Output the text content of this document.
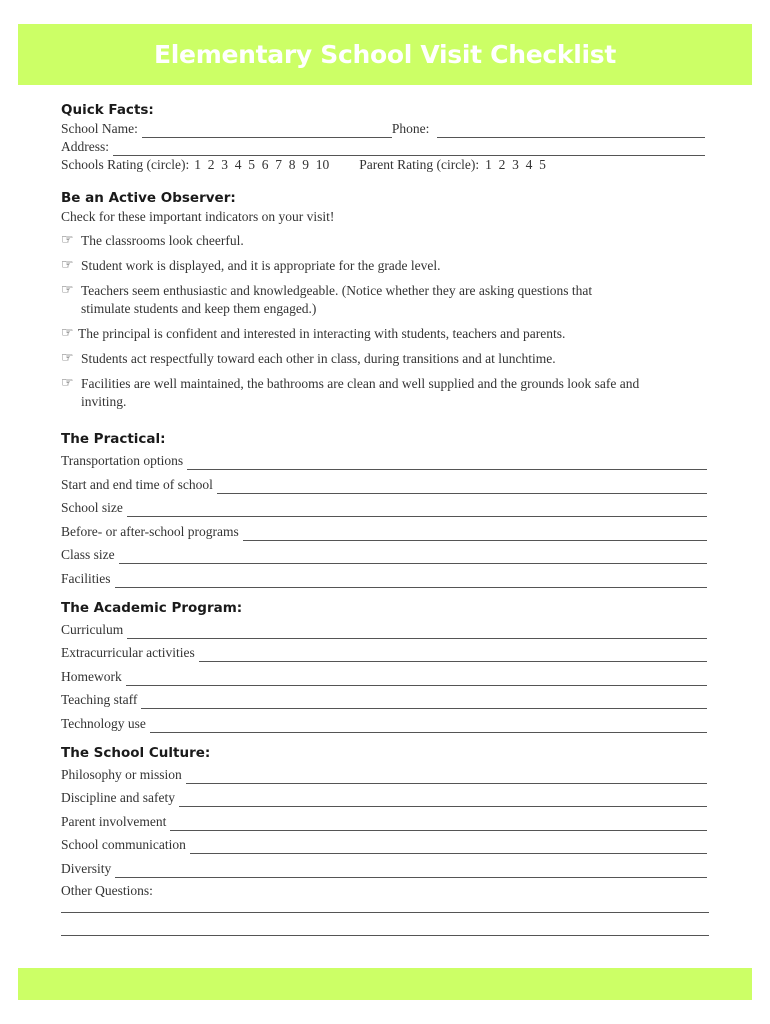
Elementary School Visit Checklist
Quick Facts:
School Name:	Phone:
Address:
Schools Rating (circle): 1  2  3  4  5  6  7  8  9  10 Parent Rating (circle): 1  2  3  4  5
Be an Active Observer:
Check for these important indicators on your visit!
☞ The classrooms look cheerful.
☞ Student work is displayed, and it is appropriate for the grade level.
☞ Teachers seem enthusiastic and knowledgeable. (Notice whether they are asking questions that stimulate students and keep them engaged.)
☞ The principal is confident and interested in interacting with students, teachers and parents.
☞ Students act respectfully toward each other in class, during transitions and at lunchtime.
☞ Facilities are well maintained, the bathrooms are clean and well supplied and the grounds look safe and inviting.
The Practical:
Transportation options
Start and end time of school
School size
Before- or after-school programs
Class size
Facilities
The Academic Program:
Curriculum
Extracurricular activities
Homework
Teaching staff
Technology use
The School Culture:
Philosophy or mission
Discipline and safety
Parent involvement
School communication
Diversity
Other Questions:
